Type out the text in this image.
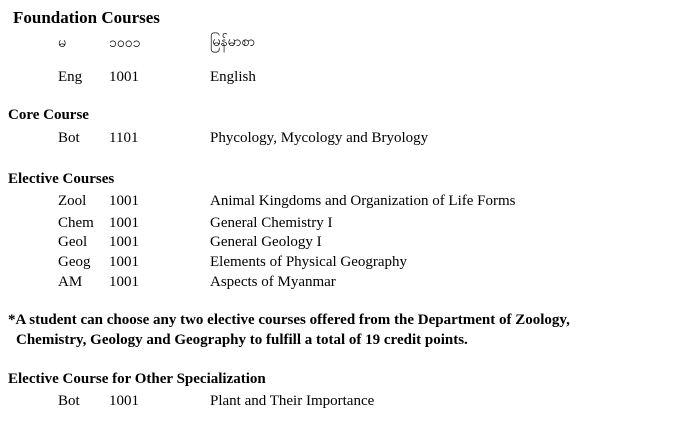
Foundation Courses
မ	၁၀၀၁	မြန်မာစာ
Eng 1001	English
Core Course
Bot 1101	Phycology, Mycology and Bryology
Elective Courses
Zool 1001	Animal Kingdoms and Organization of Life Forms
Chem 1001	General Chemistry I
Geol 1001	General Geology I
Geog 1001	Elements of Physical Geography
AM 1001	Aspects of Myanmar
*A student can choose any two elective courses offered from the Department of Zoology,
Chemistry, Geology and Geography to fulfill a total of 19 credit points.
Elective Course for Other Specialization
Bot 1001	Plant and Their Importance
